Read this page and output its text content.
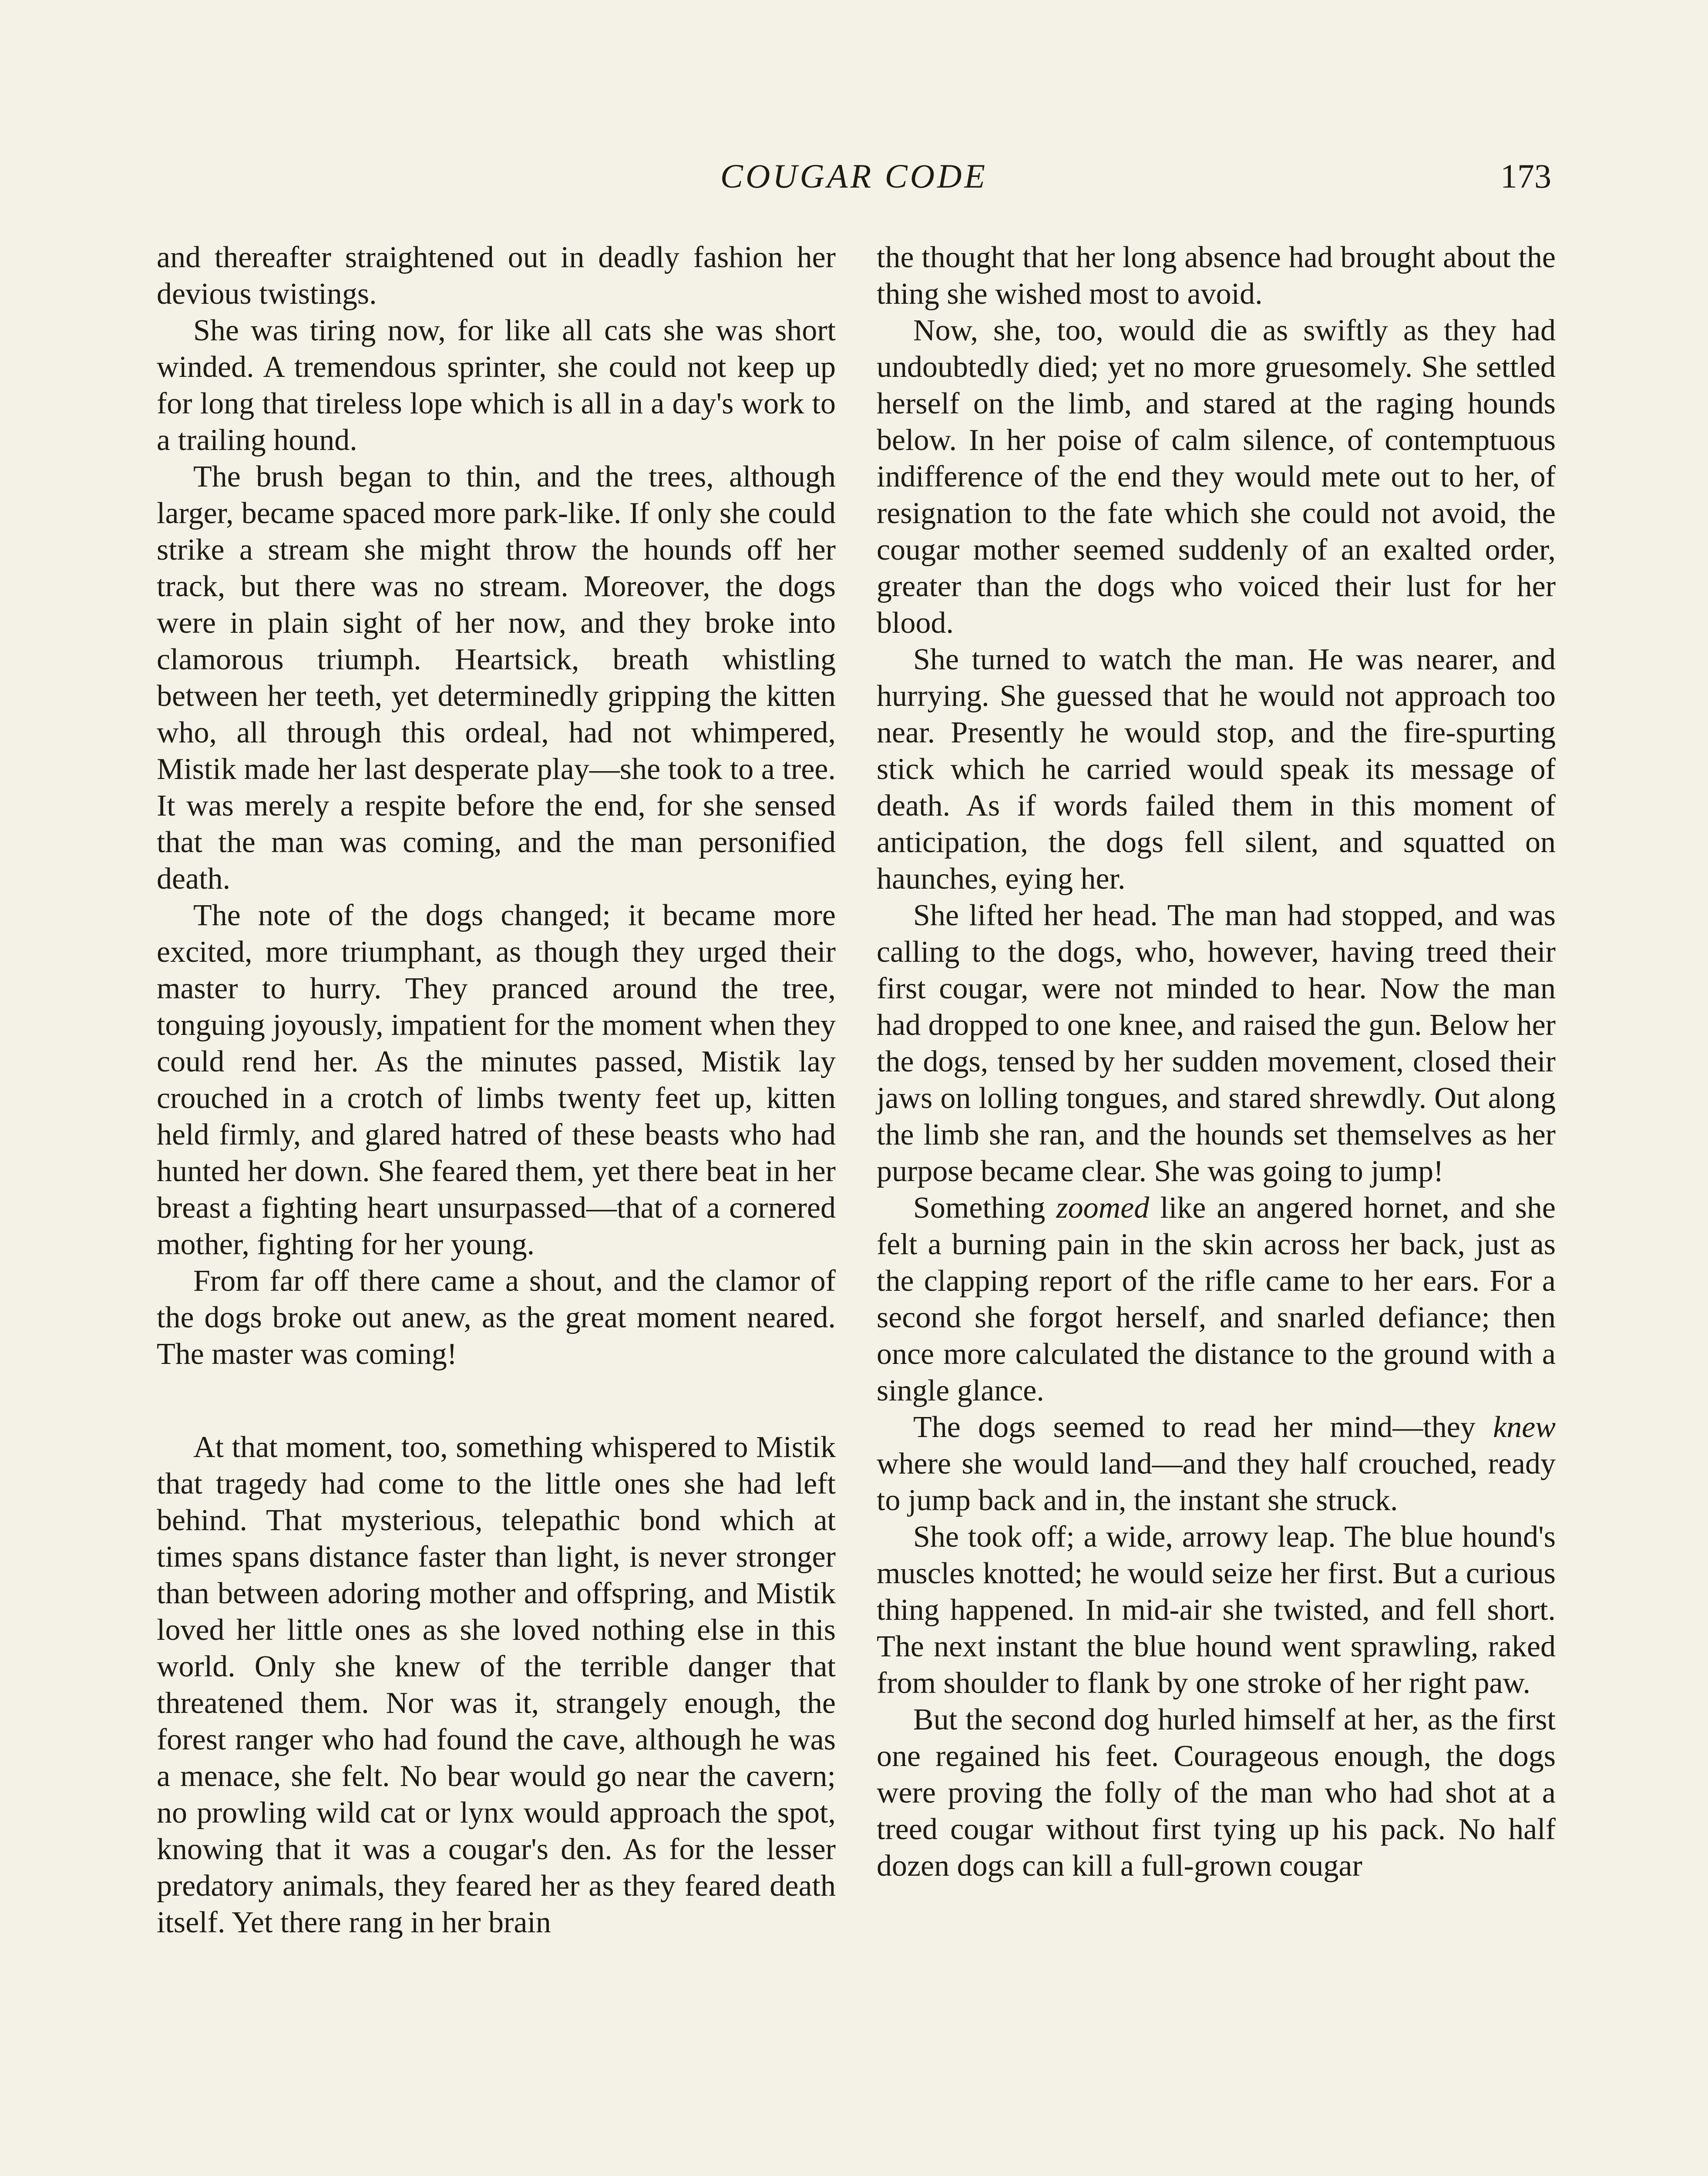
COUGAR CODE	173

and thereafter straightened out in deadly fashion her devious twistings.

She was tiring now, for like all cats she was short winded. A tremendous sprinter, she could not keep up for long that tireless lope which is all in a day's work to a trailing hound.

The brush began to thin, and the trees, although larger, became spaced more park-like. If only she could strike a stream she might throw the hounds off her track, but there was no stream. Moreover, the dogs were in plain sight of her now, and they broke into clamorous triumph. Heartsick, breath whistling between her teeth, yet determinedly gripping the kitten who, all through this ordeal, had not whimpered, Mistik made her last desperate play—she took to a tree. It was merely a respite before the end, for she sensed that the man was coming, and the man personified death.

The note of the dogs changed; it became more excited, more triumphant, as though they urged their master to hurry. They pranced around the tree, tonguing joyously, impatient for the moment when they could rend her. As the minutes passed, Mistik lay crouched in a crotch of limbs twenty feet up, kitten held firmly, and glared hatred of these beasts who had hunted her down. She feared them, yet there beat in her breast a fighting heart unsurpassed—that of a cornered mother, fighting for her young.

From far off there came a shout, and the clamor of the dogs broke out anew, as the great moment neared. The master was coming!

At that moment, too, something whispered to Mistik that tragedy had come to the little ones she had left behind. That mysterious, telepathic bond which at times spans distance faster than light, is never stronger than between adoring mother and offspring, and Mistik loved her little ones as she loved nothing else in this world. Only she knew of the terrible danger that threatened them. Nor was it, strangely enough, the forest ranger who had found the cave, although he was a menace, she felt. No bear would go near the cavern; no prowling wild cat or lynx would approach the spot, knowing that it was a cougar's den. As for the lesser predatory animals, they feared her as they feared death itself. Yet there rang in her brain

the thought that her long absence had brought about the thing she wished most to avoid.

Now, she, too, would die as swiftly as they had undoubtedly died; yet no more gruesomely. She settled herself on the limb, and stared at the raging hounds below. In her poise of calm silence, of contemptuous indifference of the end they would mete out to her, of resignation to the fate which she could not avoid, the cougar mother seemed suddenly of an exalted order, greater than the dogs who voiced their lust for her blood.

She turned to watch the man. He was nearer, and hurrying. She guessed that he would not approach too near. Presently he would stop, and the fire-spurting stick which he carried would speak its message of death. As if words failed them in this moment of anticipation, the dogs fell silent, and squatted on haunches, eying her.

She lifted her head. The man had stopped, and was calling to the dogs, who, however, having treed their first cougar, were not minded to hear. Now the man had dropped to one knee, and raised the gun. Below her the dogs, tensed by her sudden movement, closed their jaws on lolling tongues, and stared shrewdly. Out along the limb she ran, and the hounds set themselves as her purpose became clear. She was going to jump!

Something zoomed like an angered hornet, and she felt a burning pain in the skin across her back, just as the clapping report of the rifle came to her ears. For a second she forgot herself, and snarled defiance; then once more calculated the distance to the ground with a single glance.

The dogs seemed to read her mind—they knew where she would land—and they half crouched, ready to jump back and in, the instant she struck.

She took off; a wide, arrowy leap. The blue hound's muscles knotted; he would seize her first. But a curious thing happened. In mid-air she twisted, and fell short. The next instant the blue hound went sprawling, raked from shoulder to flank by one stroke of her right paw.

But the second dog hurled himself at her, as the first one regained his feet. Courageous enough, the dogs were proving the folly of the man who had shot at a treed cougar without first tying up his pack. No half dozen dogs can kill a full-grown cougar
